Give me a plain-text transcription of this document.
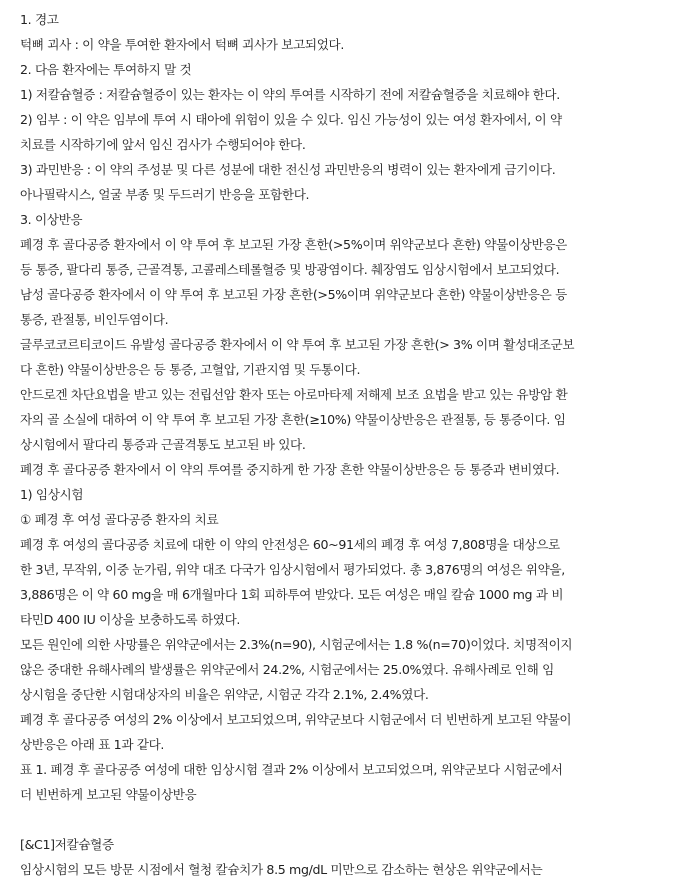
1. 경고
턱뼈 괴사 : 이 약을 투여한 환자에서 턱뼈 괴사가 보고되었다.
2. 다음 환자에는 투여하지 말 것
1) 저칼슘혈증 : 저칼슘혈증이 있는 환자는 이 약의 투여를 시작하기 전에 저칼슘혈증을 치료해야 한다.
2) 임부 : 이 약은 임부에 투여 시 태아에 위험이 있을 수 있다. 임신 가능성이 있는 여성 환자에서, 이 약
치료를 시작하기에 앞서 임신 검사가 수행되어야 한다.
3) 과민반응 : 이 약의 주성분 및 다른 성분에 대한 전신성 과민반응의 병력이 있는 환자에게 금기이다.
아나필락시스, 얼굴 부종 및 두드러기 반응을 포함한다.
3. 이상반응
폐경 후 골다공증 환자에서 이 약 투여 후 보고된 가장 흔한(>5%이며 위약군보다 흔한) 약물이상반응은
등 통증, 팔다리 통증, 근골격통, 고콜레스테롤혈증 및 방광염이다. 췌장염도 임상시험에서 보고되었다.
남성 골다공증 환자에서 이 약 투여 후 보고된 가장 흔한(>5%이며 위약군보다 흔한) 약물이상반응은 등
통증, 관절통, 비인두염이다.
글루코코르티코이드 유발성 골다공증 환자에서 이 약 투여 후 보고된 가장 흔한(> 3% 이며 활성대조군보
다 흔한) 약물이상반응은 등 통증, 고혈압, 기관지염 및 두통이다.
안드로겐 차단요법을 받고 있는 전립선암 환자 또는 아로마타제 저해제 보조 요법을 받고 있는 유방암 환
자의 골 소실에 대하여 이 약 투여 후 보고된 가장 흔한(≥10%) 약물이상반응은 관절통, 등 통증이다. 임
상시험에서 팔다리 통증과 근골격통도 보고된 바 있다.
폐경 후 골다공증 환자에서 이 약의 투여를 중지하게 한 가장 흔한 약물이상반응은 등 통증과 변비였다.
1) 임상시험
① 폐경 후 여성 골다공증 환자의 치료
폐경 후 여성의 골다공증 치료에 대한 이 약의 안전성은 60~91세의 폐경 후 여성 7,808명을 대상으로
한 3년, 무작위, 이중 눈가림, 위약 대조 다국가 임상시험에서 평가되었다. 총 3,876명의 여성은 위약을,
3,886명은 이 약 60 mg을 매 6개월마다 1회 피하투여 받았다. 모든 여성은 매일 칼슘 1000 mg 과 비
타민D 400 IU 이상을 보충하도록 하였다.
모든 원인에 의한 사망률은 위약군에서는 2.3%(n=90), 시험군에서는 1.8 %(n=70)이었다. 치명적이지
않은 중대한 유해사례의 발생률은 위약군에서 24.2%, 시험군에서는 25.0%였다. 유해사례로 인해 임
상시험을 중단한 시험대상자의 비율은 위약군, 시험군 각각 2.1%, 2.4%였다.
폐경 후 골다공증 여성의 2% 이상에서 보고되었으며, 위약군보다 시험군에서 더 빈번하게 보고된 약물이
상반응은 아래 표 1과 같다.
표 1. 폐경 후 골다공증 여성에 대한 임상시험 결과 2% 이상에서 보고되었으며, 위약군보다 시험군에서
더 빈번하게 보고된 약물이상반응
[&C1]저칼슘혈증
임상시험의 모든 방문 시점에서 혈청 칼슘치가 8.5 mg/dL 미만으로 감소하는 현상은 위약군에서는
